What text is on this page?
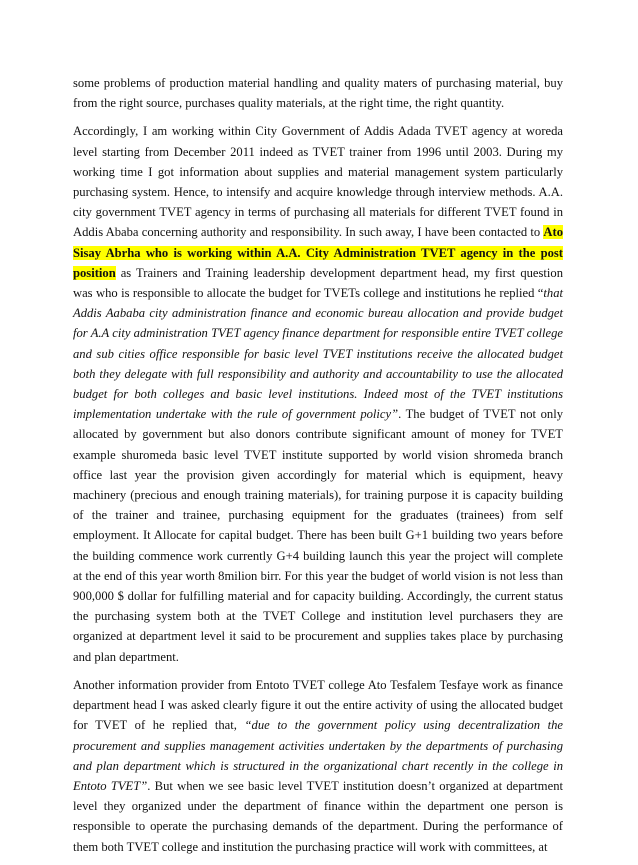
some problems of production material handling and quality maters of purchasing material, buy from the right source, purchases quality materials, at the right time, the right quantity.

Accordingly, I am working within City Government of Addis Adada TVET agency at woreda level starting from December 2011 indeed as TVET trainer from 1996 until 2003. During my working time I got information about supplies and material management system particularly purchasing system. Hence, to intensify and acquire knowledge through interview methods. A.A. city government TVET agency in terms of purchasing all materials for different TVET found in Addis Ababa concerning authority and responsibility. In such away, I have been contacted to Ato Sisay Abrha who is working within A.A. City Administration TVET agency in the post position as Trainers and Training leadership development department head, my first question was who is responsible to allocate the budget for TVETs college and institutions he replied “that Addis Aababa city administration finance and economic bureau allocation and provide budget for A.A city administration TVET agency finance department for responsible entire TVET college and sub cities office responsible for basic level TVET institutions receive the allocated budget both they delegate with full responsibility and authority and accountability to use the allocated budget for both colleges and basic level institutions. Indeed most of the TVET institutions implementation undertake with the rule of government policy”. The budget of TVET not only allocated by government but also donors contribute significant amount of money for TVET example shuromeda basic level TVET institute supported by world vision shromeda branch office last year the provision given accordingly for material which is equipment, heavy machinery (precious and enough training materials), for training purpose it is capacity building of the trainer and trainee, purchasing equipment for the graduates (trainees) from self employment. It Allocate for capital budget. There has been built G+1 building two years before the building commence work currently G+4 building launch this year the project will complete at the end of this year worth 8milion birr. For this year the budget of world vision is not less than 900,000 $ dollar for fulfilling material and for capacity building. Accordingly, the current status the purchasing system both at the TVET College and institution level purchasers they are organized at department level it said to be procurement and supplies takes place by purchasing and plan department.

Another information provider from Entoto TVET college Ato Tesfalem Tesfaye work as finance department head I was asked clearly figure it out the entire activity of using the allocated budget for TVET of he replied that, “due to the government policy using decentralization the procurement and supplies management activities undertaken by the departments of purchasing and plan department which is structured in the organizational chart recently in the college in Entoto TVET”. But when we see basic level TVET institution doesn’t organized at department level they organized under the department of finance within the department one person is responsible to operate the purchasing demands of the department. During the performance of them both TVET college and institution the purchasing practice will work with committees, at
